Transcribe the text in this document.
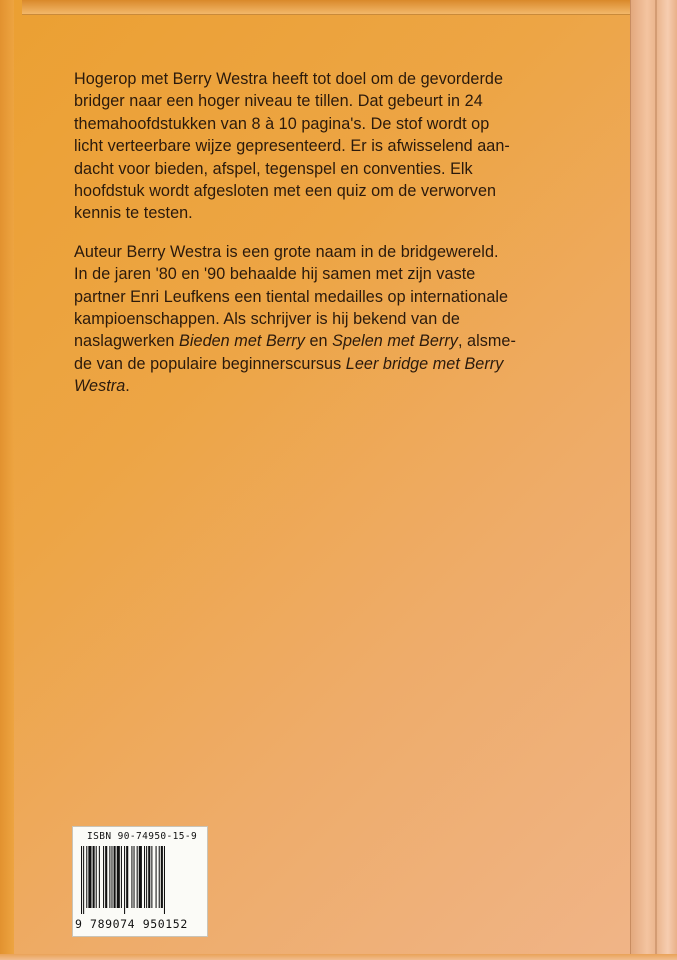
Hogerop met Berry Westra heeft tot doel om de gevorderde
bridger naar een hoger niveau te tillen. Dat gebeurt in 24
themahoofdstukken van 8 à 10 pagina's. De stof wordt op
licht verteerbare wijze gepresenteerd. Er is afwisselend aan-
dacht voor bieden, afspel, tegenspel en conventies. Elk
hoofdstuk wordt afgesloten met een quiz om de verworven
kennis te testen.

Auteur Berry Westra is een grote naam in de bridgewereld.
In de jaren '80 en '90 behaalde hij samen met zijn vaste
partner Enri Leufkens een tiental medailles op internationale
kampioenschappen. Als schrijver is hij bekend van de
naslagwerken Bieden met Berry en Spelen met Berry, alsme-
de van de populaire beginnerscursus Leer bridge met Berry
Westra.

ISBN 90-74950-15-9
9 789074 950152
